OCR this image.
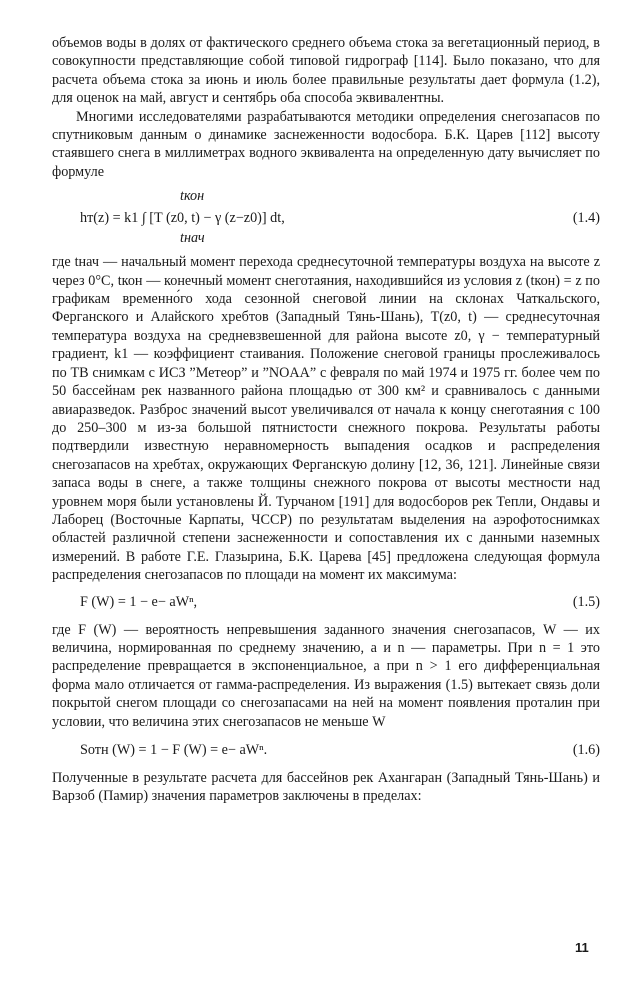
объемов воды в долях от фактического среднего объема стока за вегетационный период, в совокупности представляющие собой типовой гидрограф [114]. Было показано, что для расчета объема стока за июнь и июль более правильные результаты дает формула (1.2), для оценок на май, август и сентябрь оба способа эквивалентны.

Многими исследователями разрабатываются методики определения снегозапасов по спутниковым данным о динамике заснеженности водосбора. Б.К. Царев [112] высоту стаявшего снега в миллиметрах водного эквивалента на определенную дату вычисляет по формуле

tкон
hт(z) = k1 ∫ [T (z0, t) − γ (z−z0)] dt,
tнач
(1.4)

где tнач — начальный момент перехода среднесуточной температуры воздуха на высоте z через 0°C, tкон — конечный момент снеготаяния, находившийся из условия z (tкон) = z по графикам временно́го хода сезонной снеговой линии на склонах Чаткальского, Ферганского и Алайского хребтов (Западный Тянь-Шань), T(z0, t) — среднесуточная температура воздуха на средневзвешенной для района высоте z0, γ − температурный градиент, k1 — коэффициент стаивания. Положение снеговой границы прослеживалось по ТВ снимкам с ИСЗ ”Метеор” и ”NOAA” с февраля по май 1974 и 1975 гг. более чем по 50 бассейнам рек названного района площадью от 300 км² и сравнивалось с данными авиаразведок. Разброс значений высот увеличивался от начала к концу снеготаяния с 100 до 250–300 м из-за большой пятнистости снежного покрова. Результаты работы подтвердили известную неравномерность выпадения осадков и распределения снегозапасов на хребтах, окружающих Ферганскую долину [12, 36, 121]. Линейные связи запаса воды в снеге, а также толщины снежного покрова от высоты местности над уровнем моря были установлены Й. Турчаном [191] для водосборов рек Тепли, Ондавы и Лаборец (Восточные Карпаты, ЧССР) по результатам выделения на аэрофотоснимках областей различной степени заснеженности и сопоставления их с данными наземных измерений. В работе Г.Е. Глазырина, Б.К. Царева [45] предложена следующая формула распределения снегозапасов по площади на момент их максимума:

F (W) = 1 − e− aWⁿ,	(1.5)

где F (W) — вероятность непревышения заданного значения снегозапасов, W — их величина, нормированная по среднему значению, a и n — параметры. При n = 1 это распределение превращается в экспоненциальное, а при n > 1 его дифференциальная форма мало отличается от гамма-распределения. Из выражения (1.5) вытекает связь доли покрытой снегом площади со снегозапасами на ней на момент появления проталин при условии, что величина этих снегозапасов не меньше W

Sотн (W) = 1 − F (W) = e− aWⁿ.	(1.6)

Полученные в результате расчета для бассейнов рек Ахангаран (Западный Тянь-Шань) и Варзоб (Памир) значения параметров заключены в пределах:

11
